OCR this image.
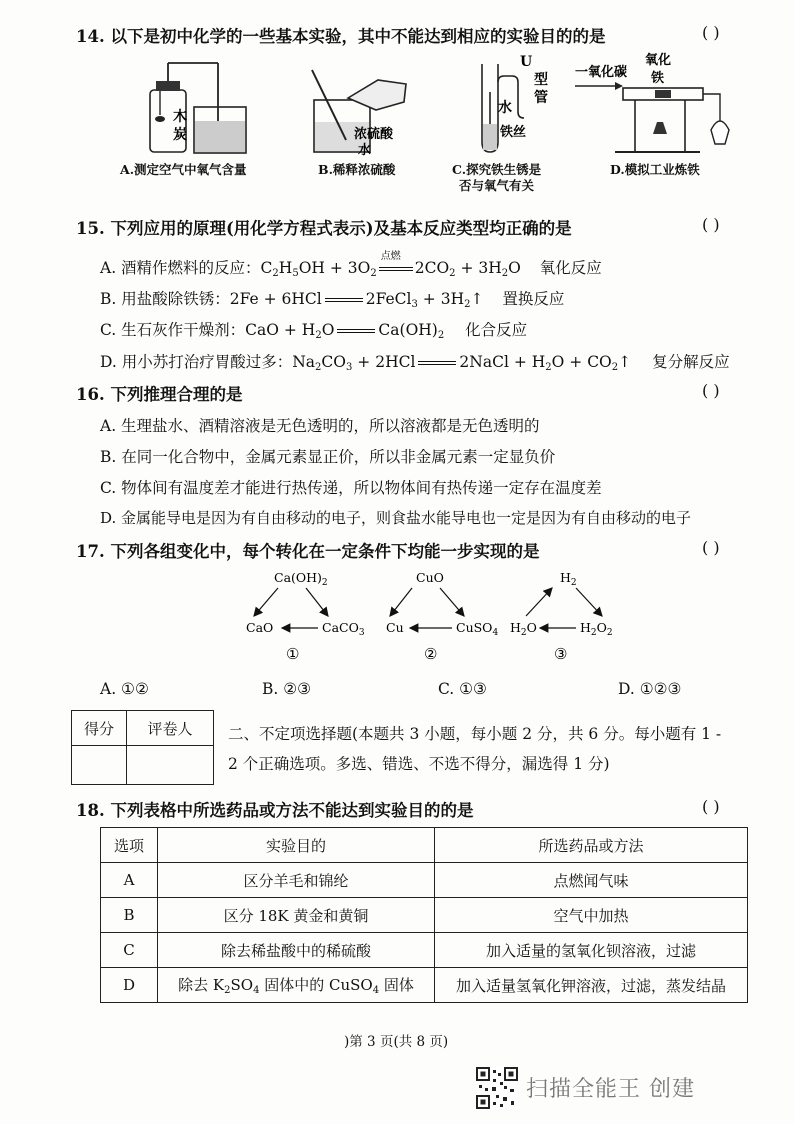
14. 以下是初中化学的一些基本实验，其中不能达到相应的实验目的的是	( )
木
炭
A.测定空气中氧气含量
浓硫酸
水
B.稀释浓硫酸
U
型
管
水
铁丝
C.探究铁生锈是
否与氧气有关
一氧化碳
氧化
铁
D.模拟工业炼铁
15. 下列应用的原理(用化学方程式表示)及基本反应类型均正确的是	( )
A. 酒精作燃料的反应：$C_2H_5OH + 3O_2$
点燃
$2CO_2 + 3H_2O$ 氧化反应
B. 用盐酸除铁锈：2Fe + 6HCl	2FeCl$_3$ + $3H_2↑$ 置换反应
C. 生石灰作干燥剂：CaO + $H_2O$	$Ca(OH)_2$ 化合反应
D. 用小苏打治疗胃酸过多：$Na_2CO_3 + 2HCl$	2NaCl + $H_2O$ + $CO_2↑$ 复分解反应
16. 下列推理合理的是	( )
A. 生理盐水、酒精溶液是无色透明的，所以溶液都是无色透明的
B. 在同一化合物中，金属元素显正价，所以非金属元素一定显负价
C. 物体间有温度差才能进行热传递，所以物体间有热传递一定存在温度差
D. 金属能导电是因为有自由移动的电子，则食盐水能导电也一定是因为有自由移动的电子
17. 下列各组变化中，每个转化在一定条件下均能一步实现的是	( )
$Ca(OH)_2$
CaO	CaCO$_3$
①
CuO
Cu	CuSO$_4$
②
$H_2$
$H_2O$	$H_2O_2$
③
A. ①②	B. ②③	C. ①③	D. ①②③
得分	评卷人
	二、不定项选择题(本题共 3 小题，每小题 2 分，共 6 分。每小题有 1 -
2 个正确选项。多选、错选、不选不得分，漏选得 1 分)
18. 下列表格中所选药品或方法不能达到实验目的的是	( )
选项	实验目的	所选药品或方法
A	区分羊毛和锦纶	点燃闻气味
B	区分 18K 黄金和黄铜	空气中加热
C	除去稀盐酸中的稀硫酸	加入适量的氢氧化钡溶液，过滤
D	除去 $K_2SO_4$ 固体中的 CuSO$_4$ 固体	加入适量氢氧化钾溶液，过滤，蒸发结晶
)第 3 页(共 8 页)
扫描全能王 创建
